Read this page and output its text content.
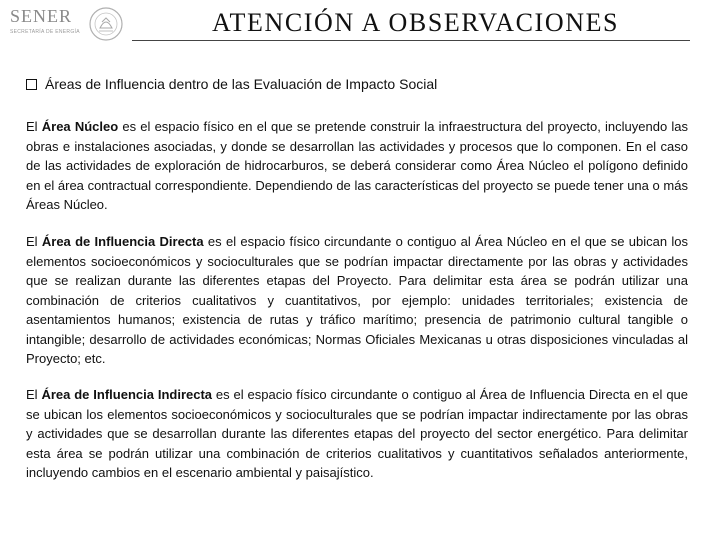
SENER
SECRETARÍA DE ENERGÍA	ATENCIÓN A OBSERVACIONES
Áreas de Influencia dentro de las Evaluación de Impacto Social

El Área Núcleo es el espacio físico en el que se pretende construir la infraestructura del proyecto, incluyendo las obras e instalaciones asociadas, y donde se desarrollan las actividades y procesos que lo componen. En el caso de las actividades de exploración de hidrocarburos, se deberá considerar como Área Núcleo el polígono definido en el área contractual correspondiente. Dependiendo de las características del proyecto se puede tener una o más Áreas Núcleo.

El Área de Influencia Directa es el espacio físico circundante o contiguo al Área Núcleo en el que se ubican los elementos socioeconómicos y socioculturales que se podrían impactar directamente por las obras y actividades que se realizan durante las diferentes etapas del Proyecto. Para delimitar esta área se podrán utilizar una combinación de criterios cualitativos y cuantitativos, por ejemplo: unidades territoriales; existencia de asentamientos humanos; existencia de rutas y tráfico marítimo; presencia de patrimonio cultural tangible o intangible; desarrollo de actividades económicas; Normas Oficiales Mexicanas u otras disposiciones vinculadas al Proyecto; etc.

El Área de Influencia Indirecta es el espacio físico circundante o contiguo al Área de Influencia Directa en el que se ubican los elementos socioeconómicos y socioculturales que se podrían impactar indirectamente por las obras y actividades que se desarrollan durante las diferentes etapas del proyecto del sector energético. Para delimitar esta área se podrán utilizar una combinación de criterios cualitativos y cuantitativos señalados anteriormente, incluyendo cambios en el escenario ambiental y paisajístico.
